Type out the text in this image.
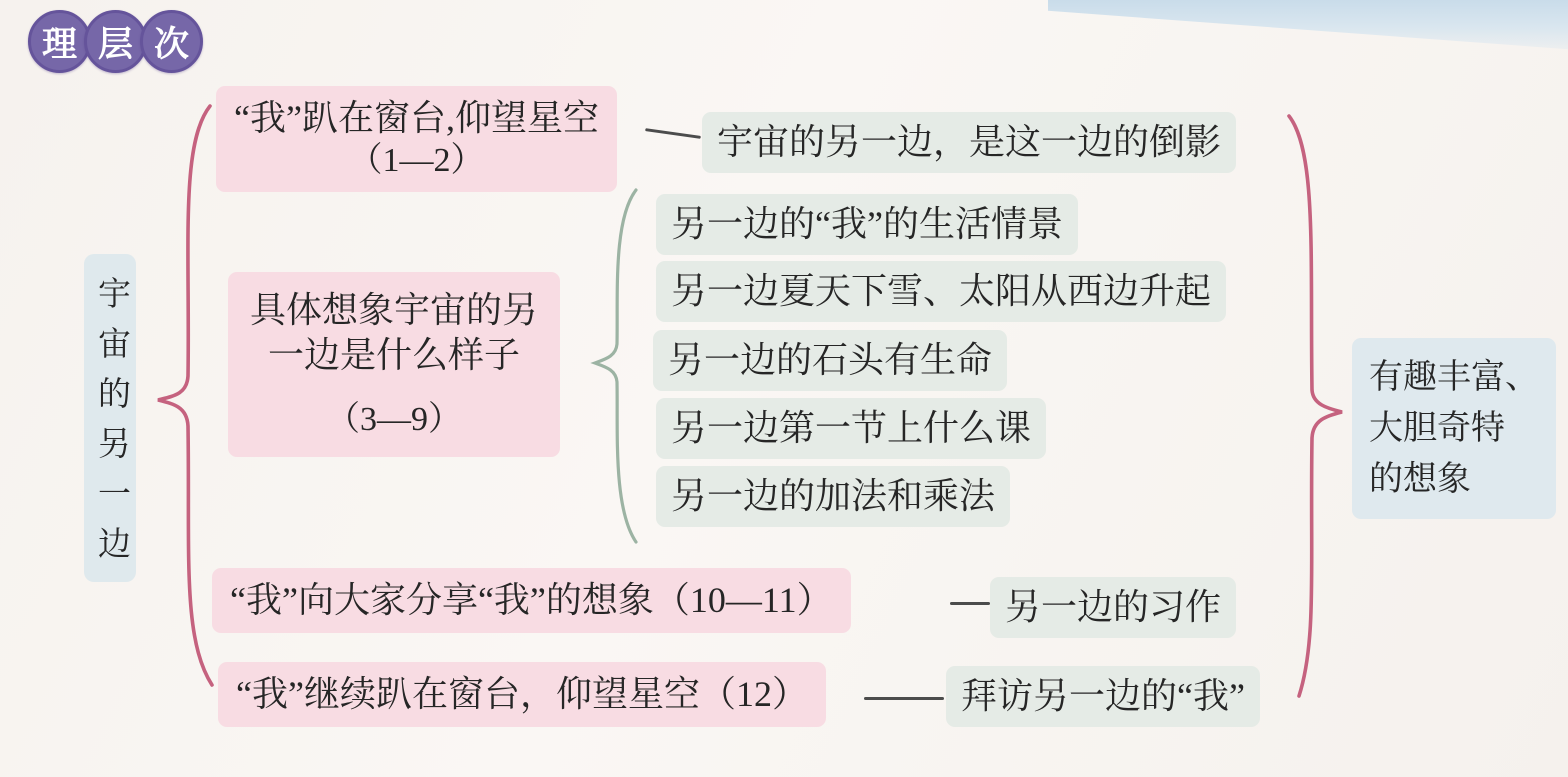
理 层 次
宇宙的另一边
“我”趴在窗台,仰望星空
（1—2）	宇宙的另一边，是这一边的倒影
具体想象宇宙的另
一边是什么样子
（3—9）
另一边的“我”的生活情景
另一边夏天下雪、太阳从西边升起
另一边的石头有生命
另一边第一节上什么课
另一边的加法和乘法
“我”向大家分享“我”的想象（10—11）	另一边的习作
“我”继续趴在窗台，仰望星空（12）	拜访另一边的“我”
有趣丰富、
大胆奇特
的想象
